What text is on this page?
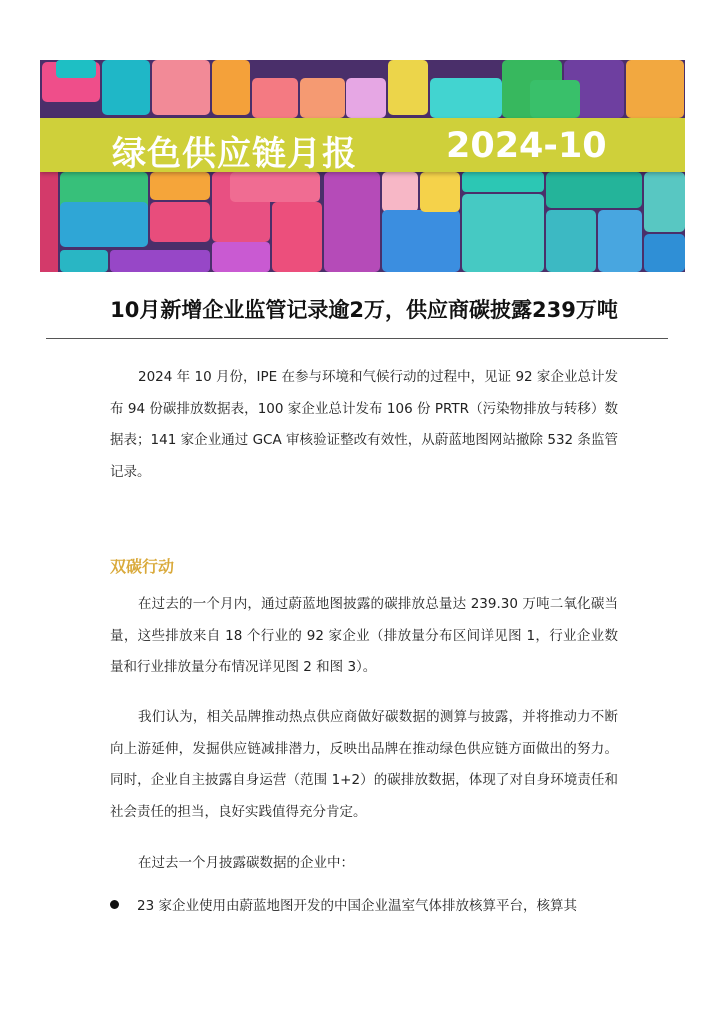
绿色供应链月报	2024-10
10月新增企业监管记录逾2万，供应商碳披露239万吨
2024 年 10 月份，IPE 在参与环境和气候行动的过程中，见证 92 家企业总计发布 94 份碳排放数据表，100 家企业总计发布 106 份 PRTR（污染物排放与转移）数据表；141 家企业通过 GCA 审核验证整改有效性，从蔚蓝地图网站撤除 532 条监管记录。
双碳行动
在过去的一个月内，通过蔚蓝地图披露的碳排放总量达 239.30 万吨二氧化碳当量，这些排放来自 18 个行业的 92 家企业（排放量分布区间详见图 1，行业企业数量和行业排放量分布情况详见图 2 和图 3）。
我们认为，相关品牌推动热点供应商做好碳数据的测算与披露，并将推动力不断向上游延伸，发掘供应链减排潜力，反映出品牌在推动绿色供应链方面做出的努力。同时，企业自主披露自身运营（范围 1+2）的碳排放数据，体现了对自身环境责任和社会责任的担当，良好实践值得充分肯定。
在过去一个月披露碳数据的企业中：
23 家企业使用由蔚蓝地图开发的中国企业温室气体排放核算平台，核算其
